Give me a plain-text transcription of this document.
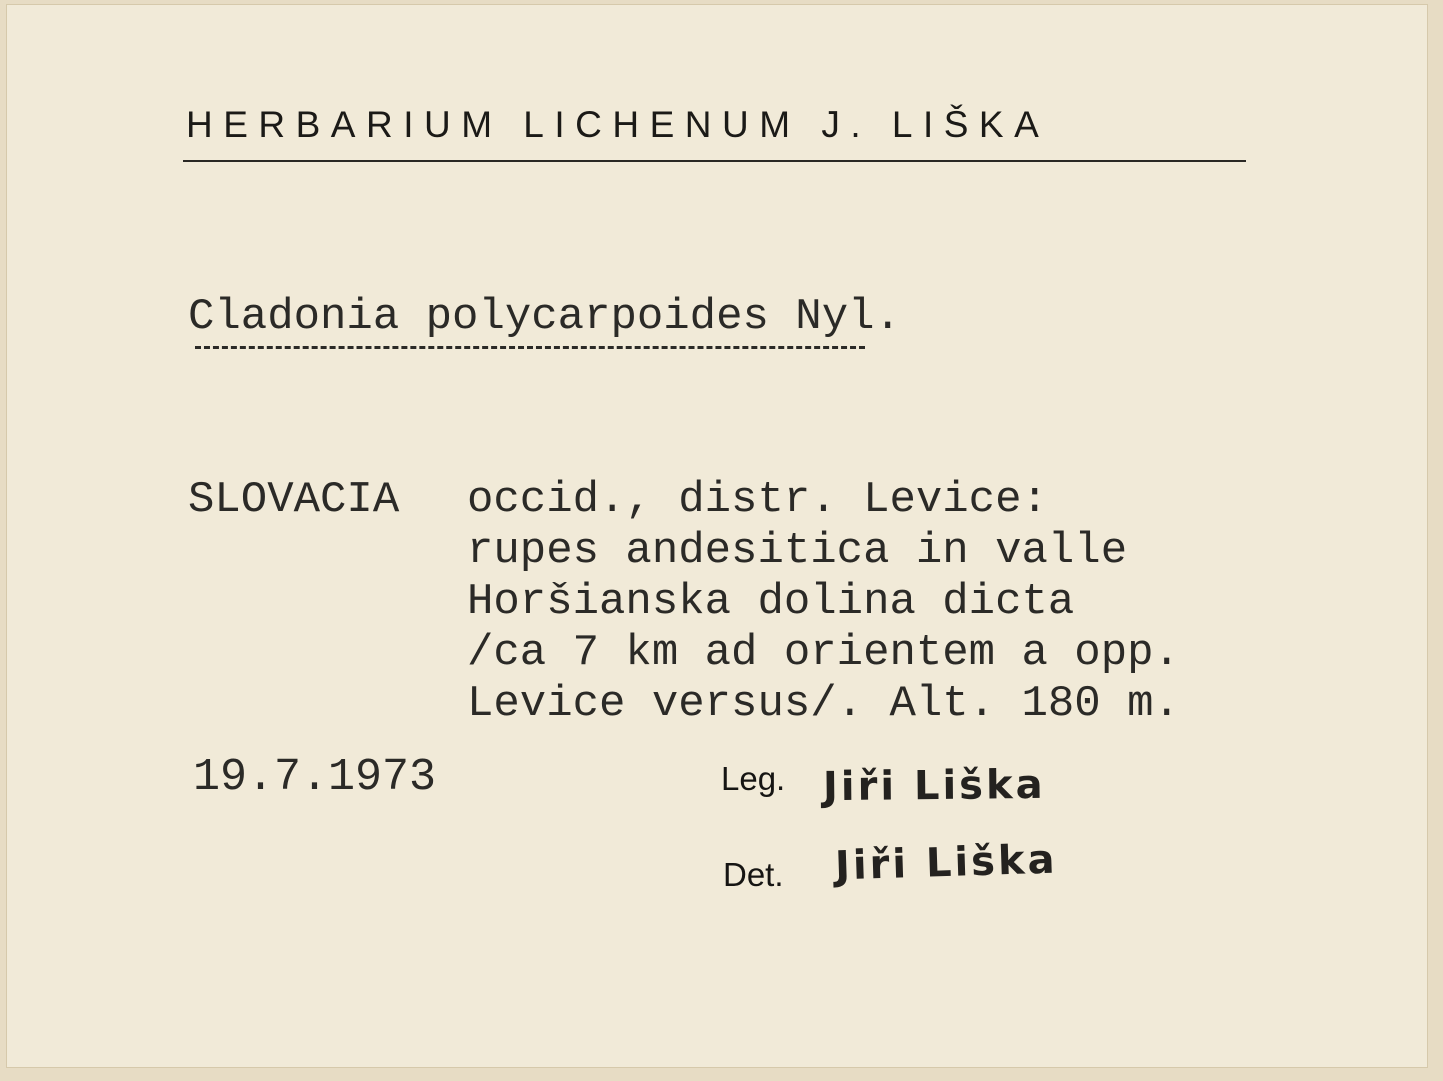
HERBARIUM LICHENUM J. LIŠKA
Cladonia polycarpoides Nyl.
SLOVACIA occid., distr. Levice:
rupes andesitica in valle
Horšianska dolina dicta
/ca 7 km ad orientem a opp.
Levice versus/. Alt. 180 m.
19.7.1973	Leg. Jiři Liška
Det. Jiři Liška
